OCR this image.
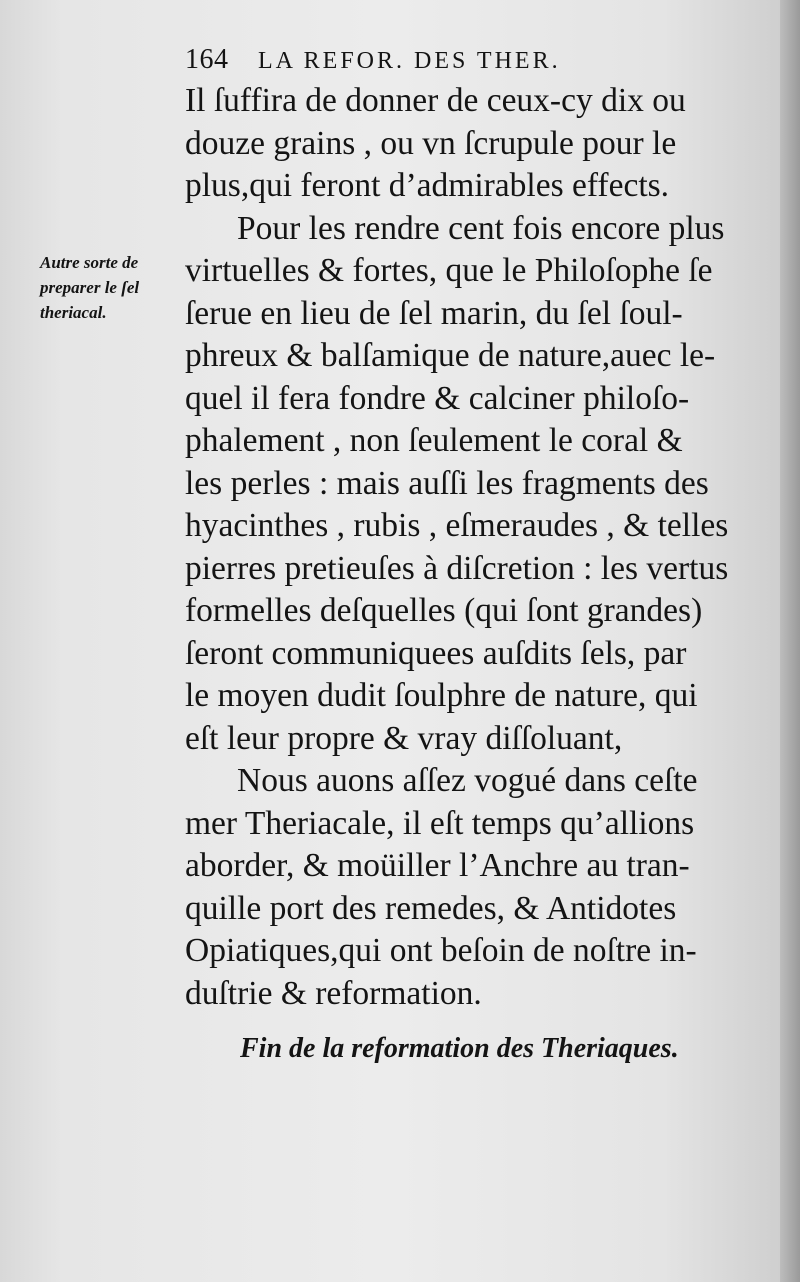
164 LA REFOR. DES THER.
Autre sorte de
preparer le ſel
theriacal.
Il ſuffira de donner de ceux-cy dix ou
douze grains , ou vn ſcrupule pour le
plus,qui feront d’admirables effects.
Pour les rendre cent fois encore plus
virtuelles & fortes, que le Philoſophe ſe
ſerue en lieu de ſel marin, du ſel ſoul-
phreux & balſamique de nature,auec le-
quel il fera fondre & calciner philoſo-
phalement , non ſeulement le coral &
les perles : mais auſſi les fragments des
hyacinthes , rubis , eſmeraudes , & telles
pierres pretieuſes à diſcretion : les vertus
formelles deſquelles (qui ſont grandes)
ſeront communiquees auſdits ſels, par
le moyen dudit ſoulphre de nature, qui
eſt leur propre & vray diſſoluant,
Nous auons aſſez vogué dans ceſte
mer Theriacale, il eſt temps qu’allions
aborder, & moüiller l’Anchre au tran-
quille port des remedes, & Antidotes
Opiatiques,qui ont beſoin de noſtre in-
duſtrie & reformation.
Fin de la reformation des Theriaques.
